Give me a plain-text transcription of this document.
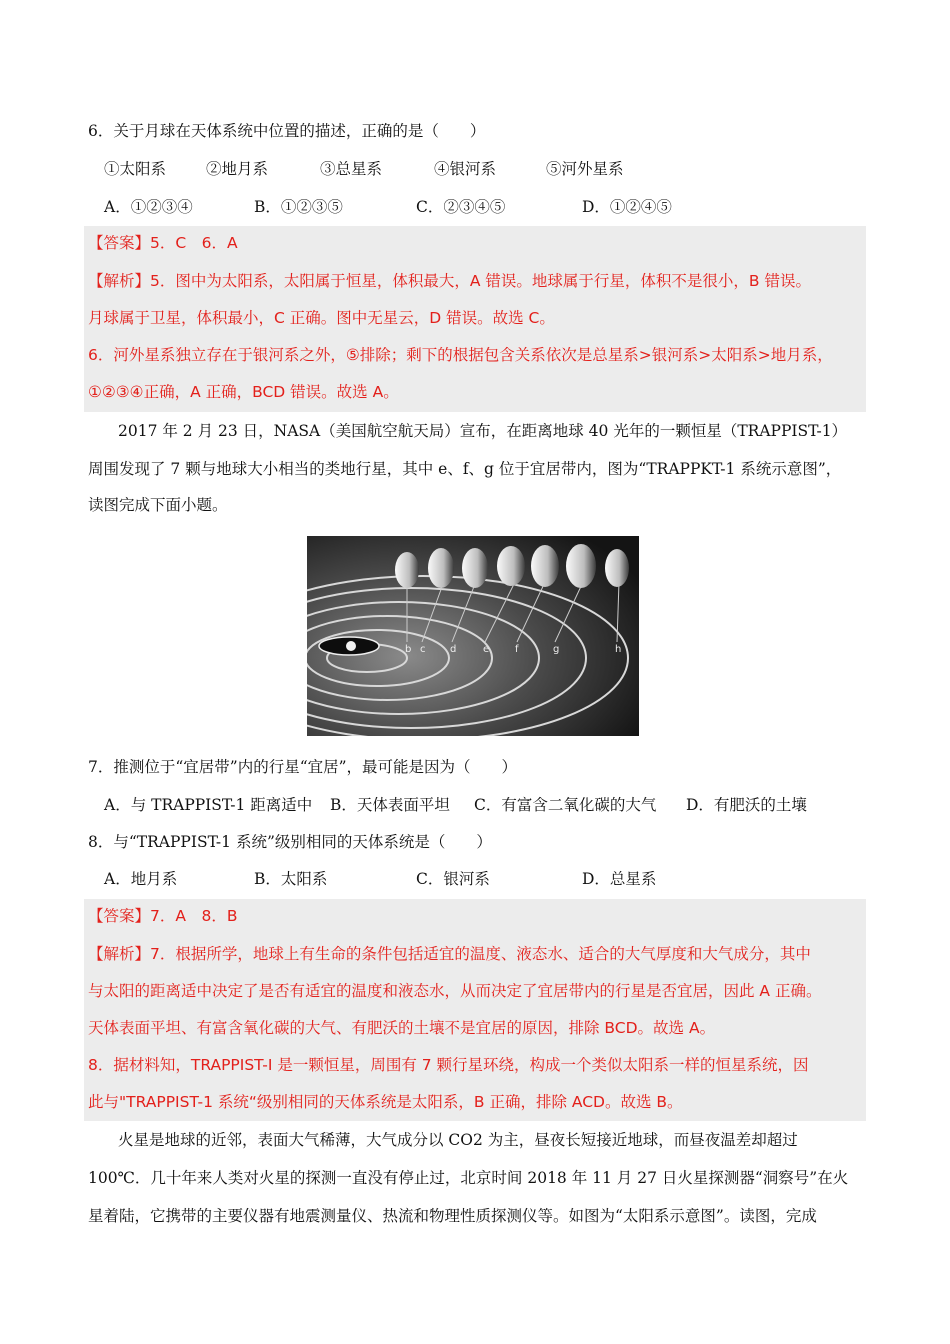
6．关于月球在天体系统中位置的描述，正确的是（　　）
①太阳系	②地月系	③总星系	④银河系	⑤河外星系
A．①②③④	B．①②③⑤	C．②③④⑤	D．①②④⑤
【答案】5．C　6．A
【解析】5．图中为太阳系，太阳属于恒星，体积最大，A 错误。地球属于行星，体积不是很小，B 错误。
月球属于卫星，体积最小，C 正确。图中无星云，D 错误。故选 C。
6．河外星系独立存在于银河系之外，⑤排除；剩下的根据包含关系依次是总星系>银河系>太阳系>地月系，
①②③④正确，A 正确，BCD 错误。故选 A。
2017 年 2 月 23 日，NASA（美国航空航天局）宣布，在距离地球 40 光年的一颗恒星（TRAPPIST-1）
周围发现了 7 颗与地球大小相当的类地行星，其中 e、f、g 位于宜居带内，图为“TRAPPKT-1 系统示意图”，
读图完成下面小题。
b c d	e	f	g	h
7．推测位于“宜居带”内的行星“宜居”，最可能是因为（　　）
A．与 TRAPPIST-1 距离适中 B．天体表面平坦 C．有富含二氧化碳的大气 D．有肥沃的土壤
8．与“TRAPPIST-1 系统”级别相同的天体系统是（　　）
A．地月系	B．太阳系	C．银河系	D．总星系
【答案】7．A　8．B
【解析】7．根据所学，地球上有生命的条件包括适宜的温度、液态水、适合的大气厚度和大气成分，其中
与太阳的距离适中决定了是否有适宜的温度和液态水，从而决定了宜居带内的行星是否宜居，因此 A 正确。
天体表面平坦、有富含氧化碳的大气、有肥沃的土壤不是宜居的原因，排除 BCD。故选 A。
8．据材料知，TRAPPIST-I 是一颗恒星，周围有 7 颗行星环绕，构成一个类似太阳系一样的恒星系统，因
此与"TRAPPIST-1 系统“级别相同的天体系统是太阳系，B 正确，排除 ACD。故选 B。
火星是地球的近邻，表面大气稀薄，大气成分以 CO2 为主，昼夜长短接近地球，而昼夜温差却超过
100℃．几十年来人类对火星的探测一直没有停止过，北京时间 2018 年 11 月 27 日火星探测器“洞察号”在火
星着陆，它携带的主要仪器有地震测量仪、热流和物理性质探测仪等。如图为“太阳系示意图”。读图，完成
